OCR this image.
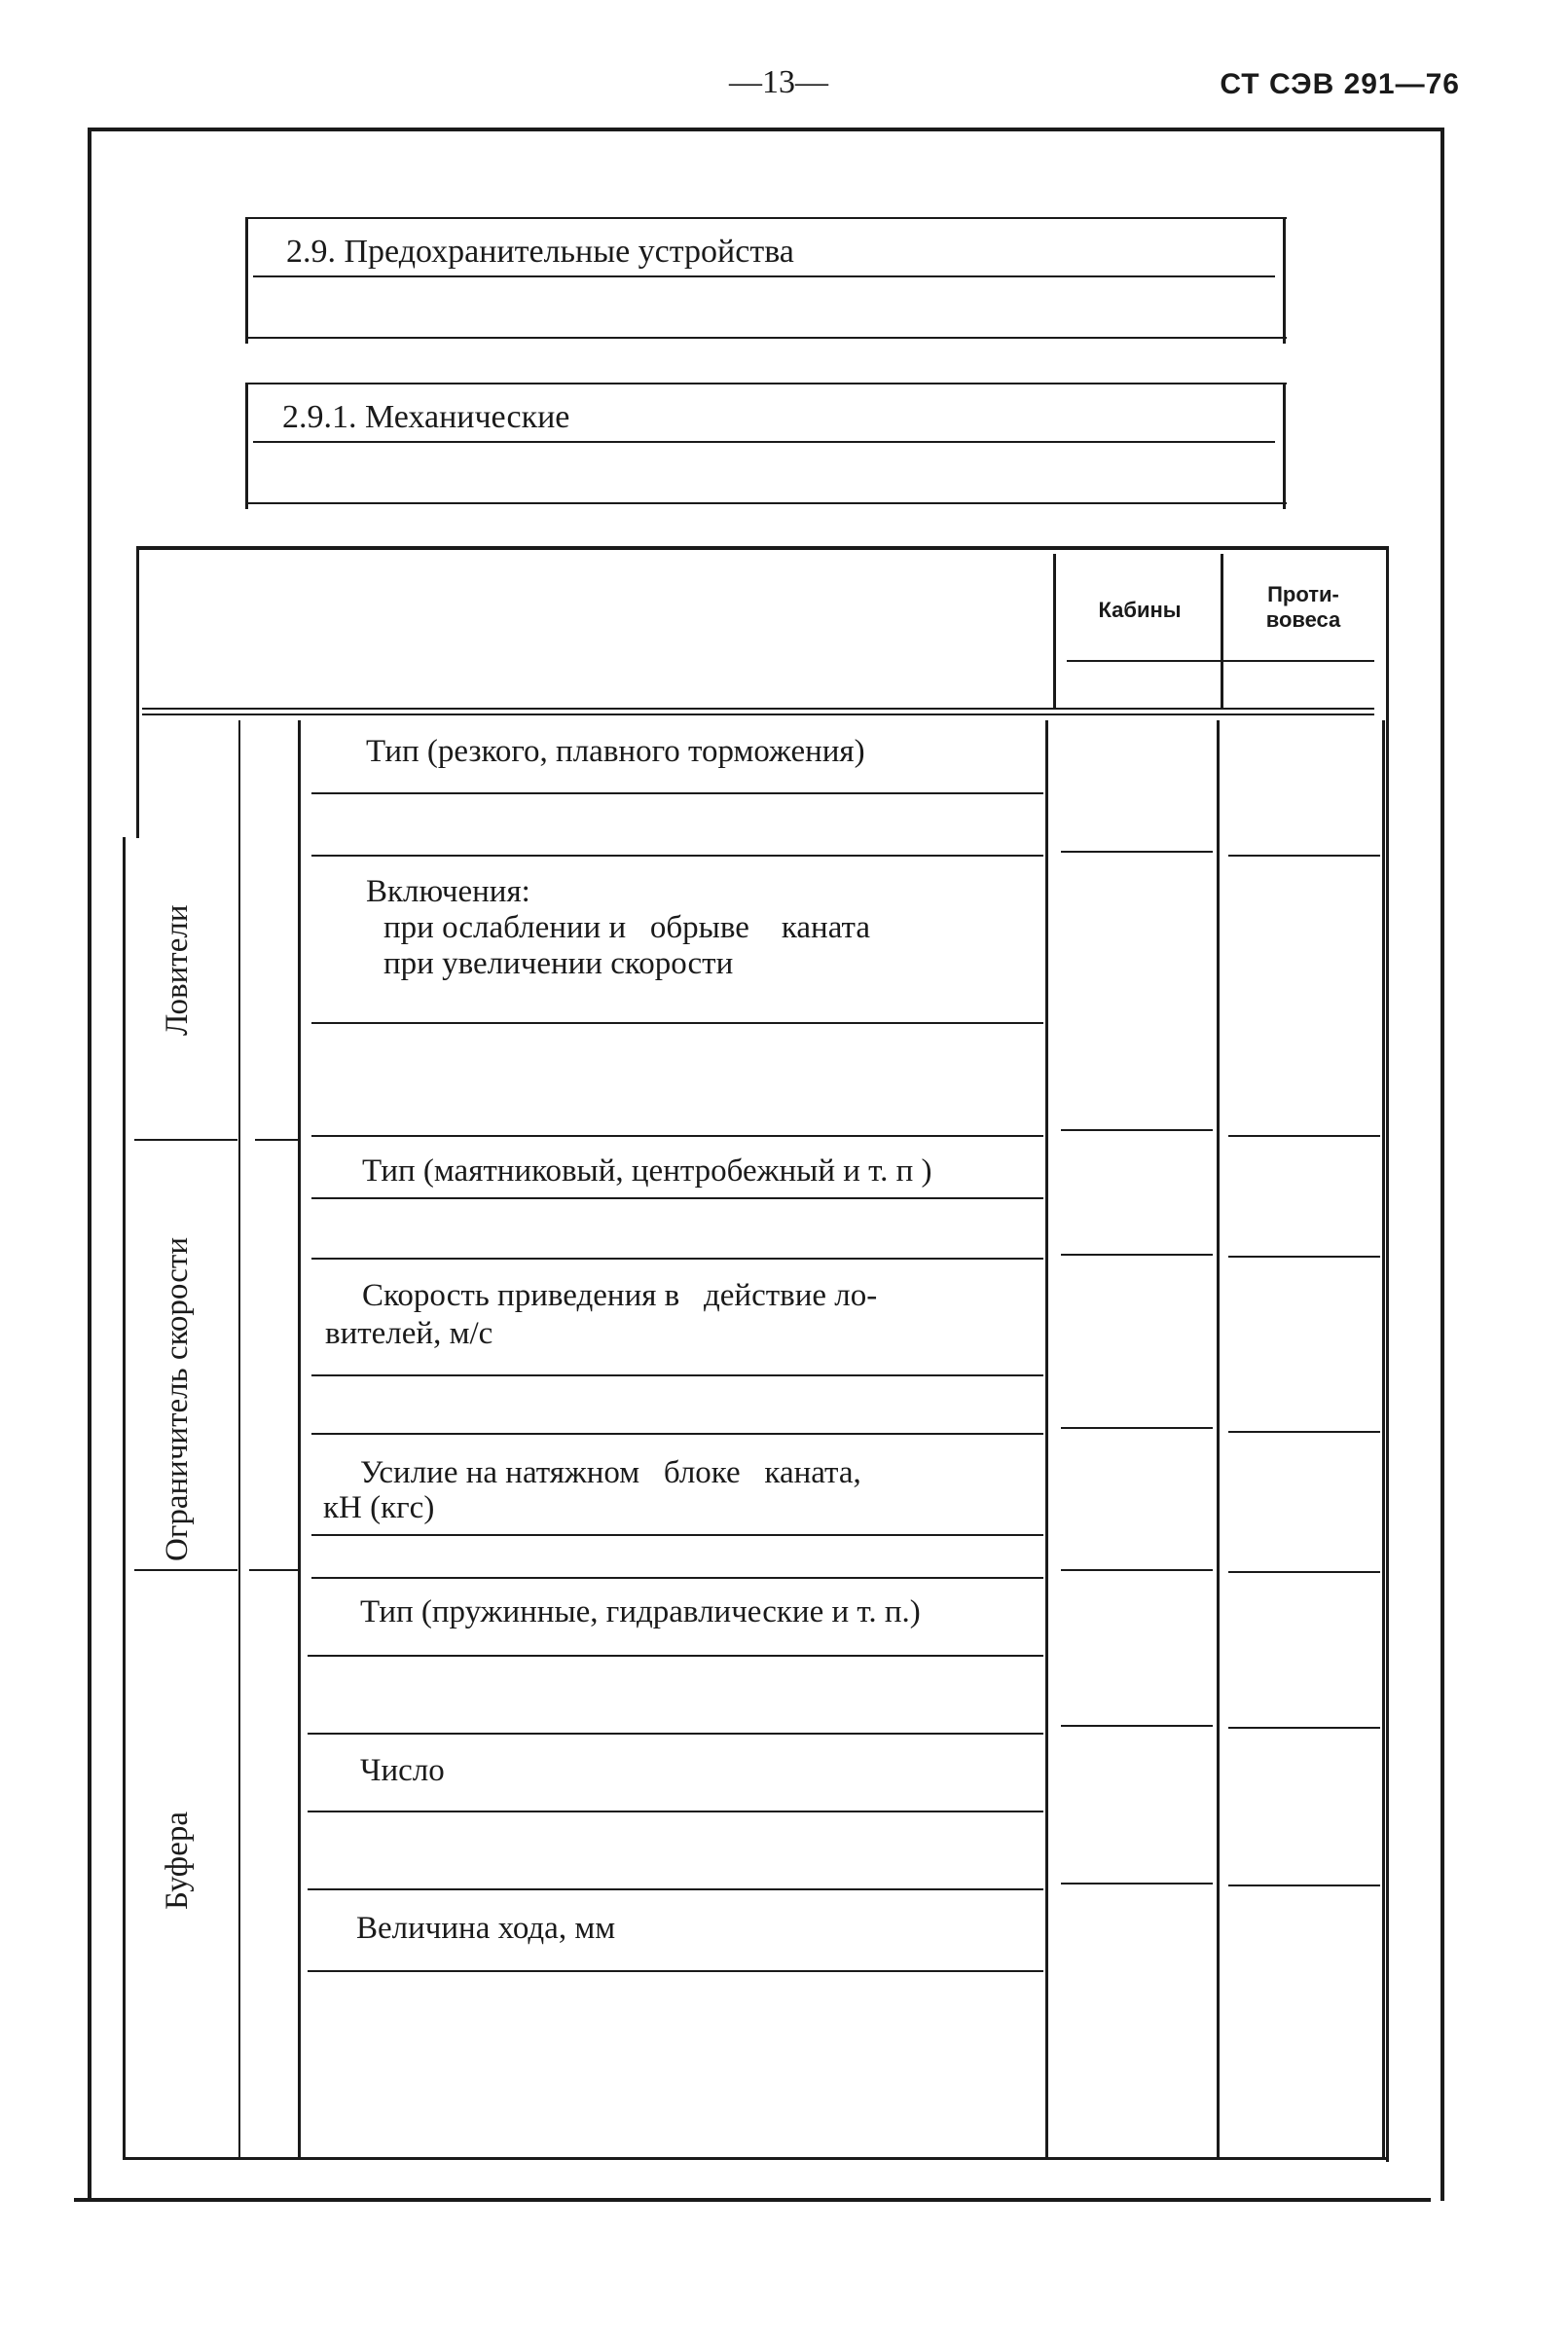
—13—	СТ СЭВ 291—76
2.9. Предохранительные устройства
2.9.1. Механические
Кабины
Проти-
вовеса
Ловители
Ограничитель скорости
Буфера
Тип (резкого, плавного торможения)
Включения:
при ослаблении и   обрыве    каната
при увеличении скорости
Тип (маятниковый, центробежный и т. п )
Скорость приведения в   действие ло-
вителей, м/с
Усилие на натяжном   блоке   каната,
кН (кгс)
Тип (пружинные, гидравлические и т. п.)
Число
Величина хода, мм
